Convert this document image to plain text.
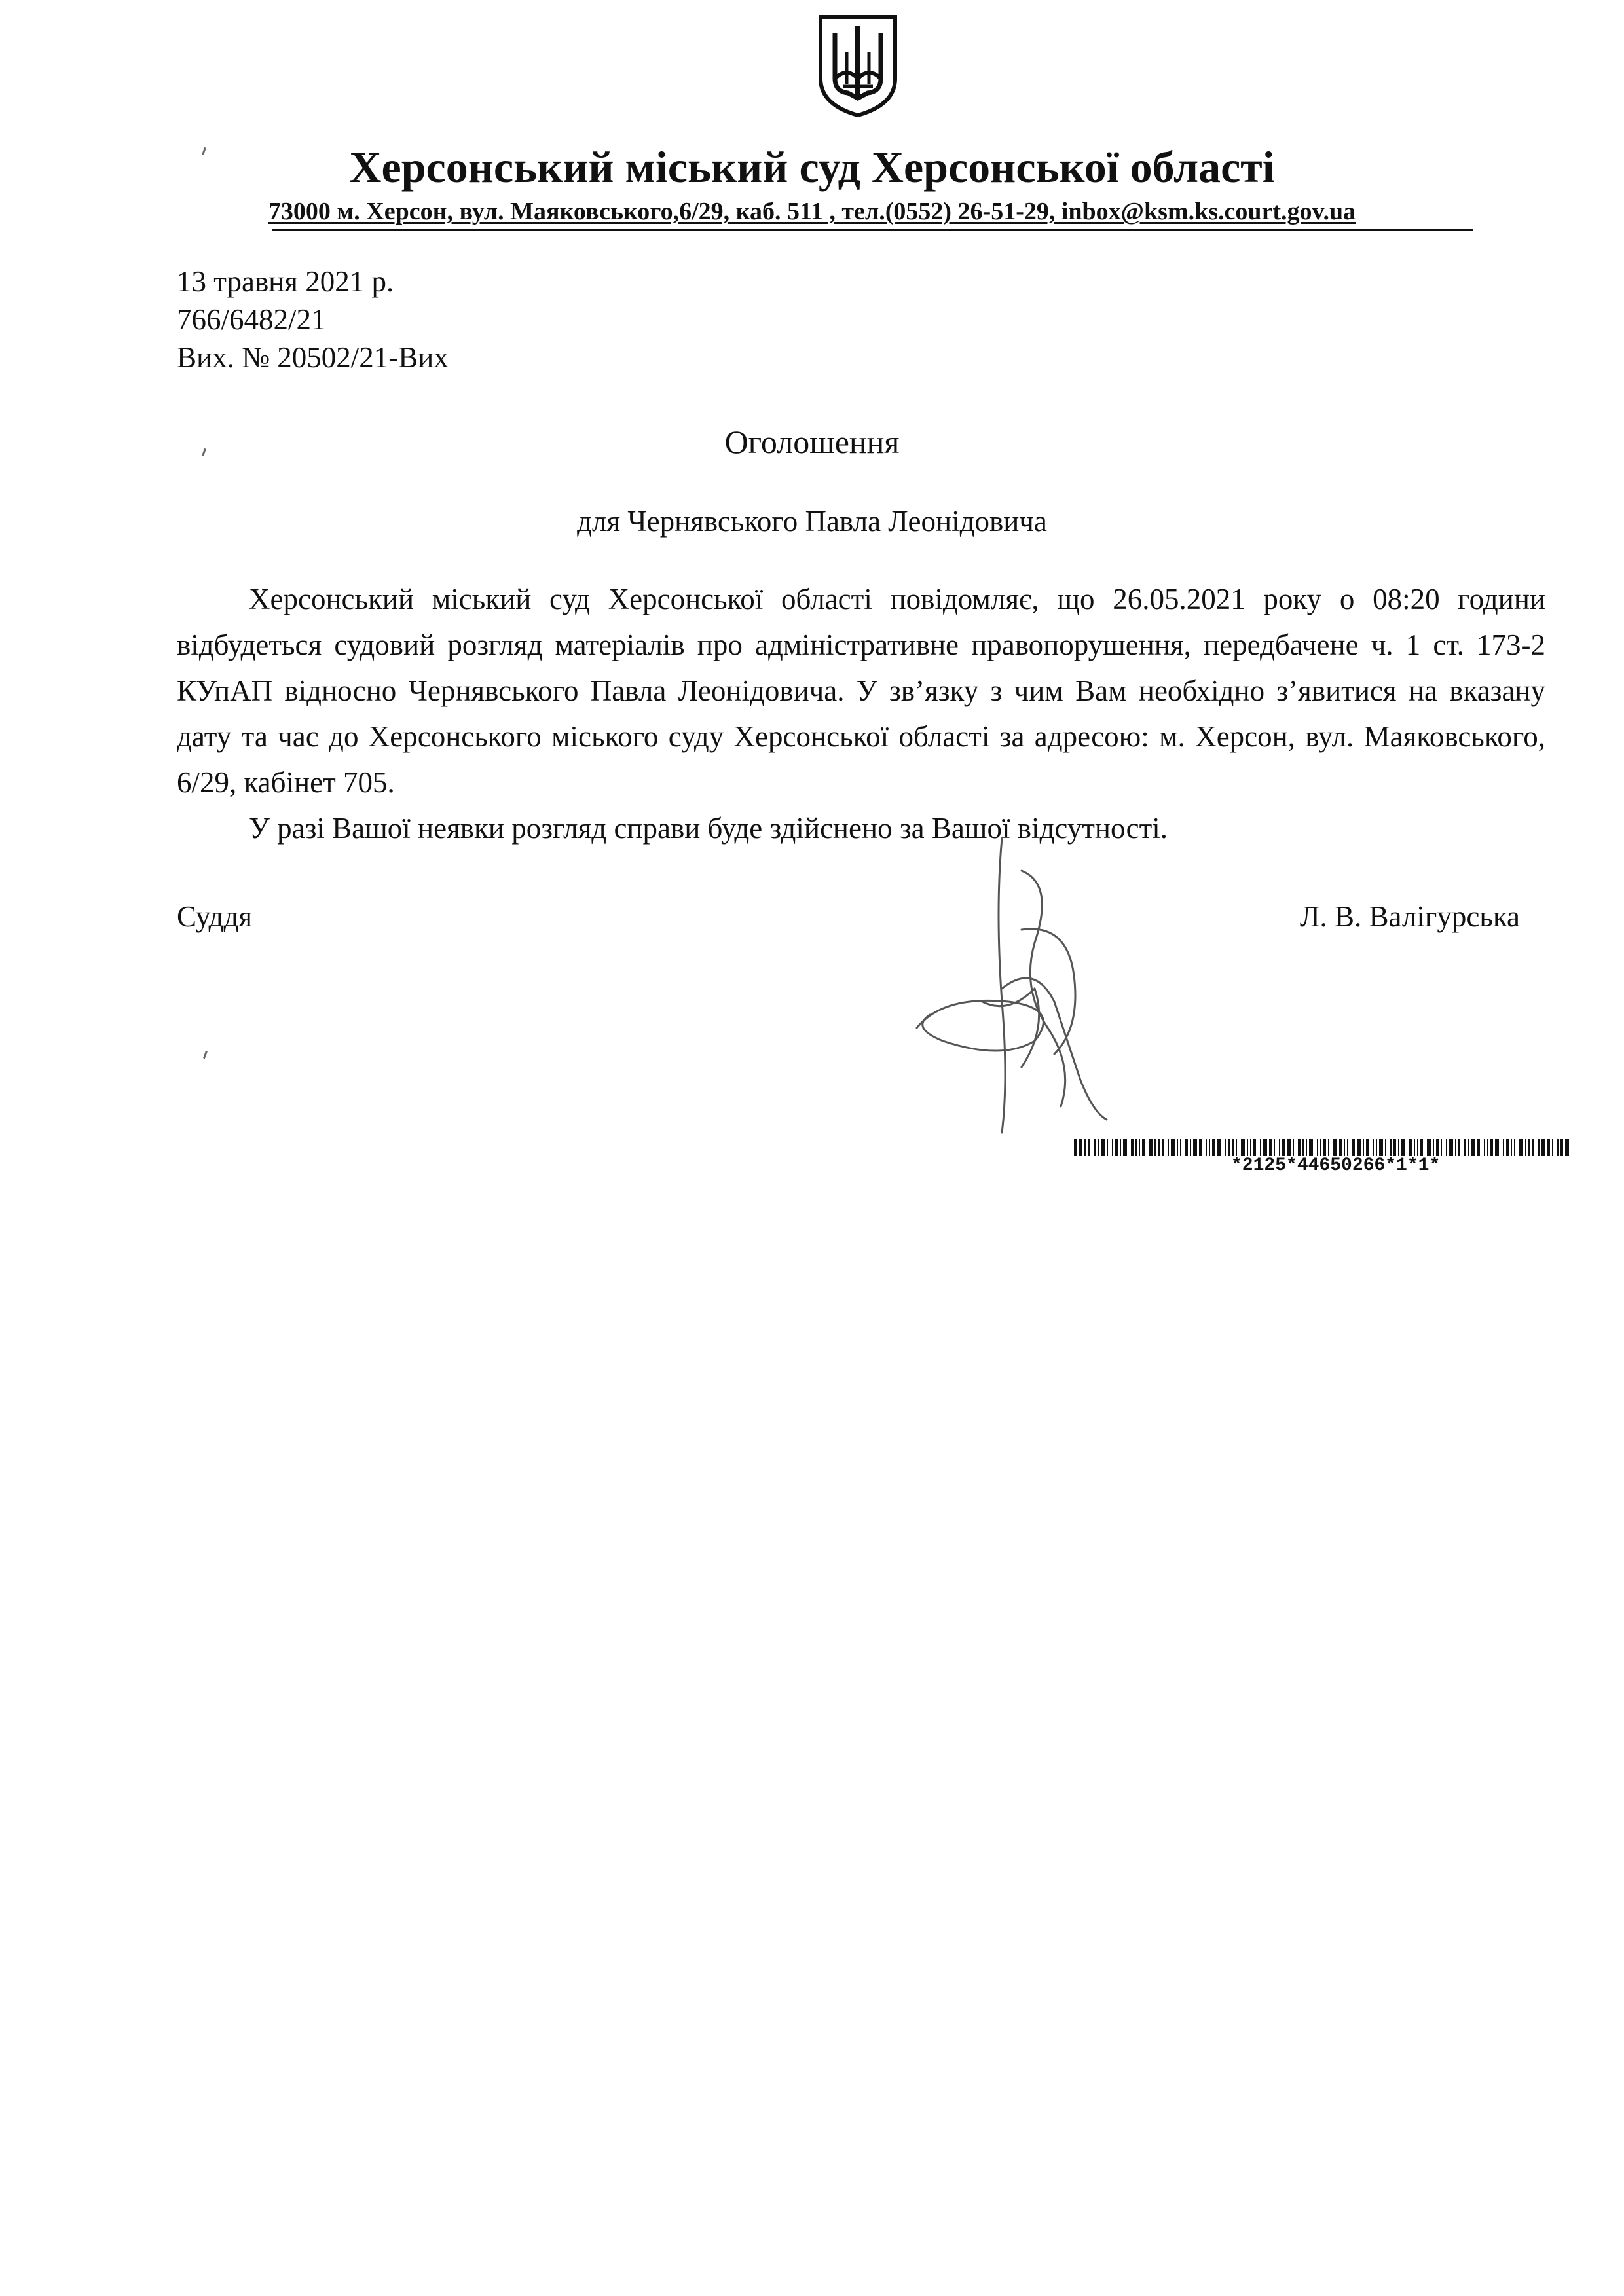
Херсонський міський суд Херсонської області
73000 м. Херсон, вул. Маяковського,6/29, каб. 511 , тел.(0552) 26-51-29, inbox@ksm.ks.court.gov.ua
13 травня 2021 р.
766/6482/21
Вих. № 20502/21-Вих
Оголошення
для Чернявського Павла Леонідовича

Херсонський міський суд Херсонської області повідомляє, що 26.05.2021 року о 08:20 години відбудеться судовий розгляд матеріалів про адміністративне правопорушення, передбачене ч. 1 ст. 173-2 КУпАП відносно Чернявського Павла Леонідовича. У зв’язку з чим Вам необхідно з’явитися на вказану дату та час до Херсонського міського суду Херсонської області за адресою: м. Херсон, вул. Маяковського, 6/29, кабінет 705.

У разі Вашої неявки розгляд справи буде здійснено за Вашої відсутності.

Суддя	Л. В. Валігурська
*2125*44650266*1*1*
